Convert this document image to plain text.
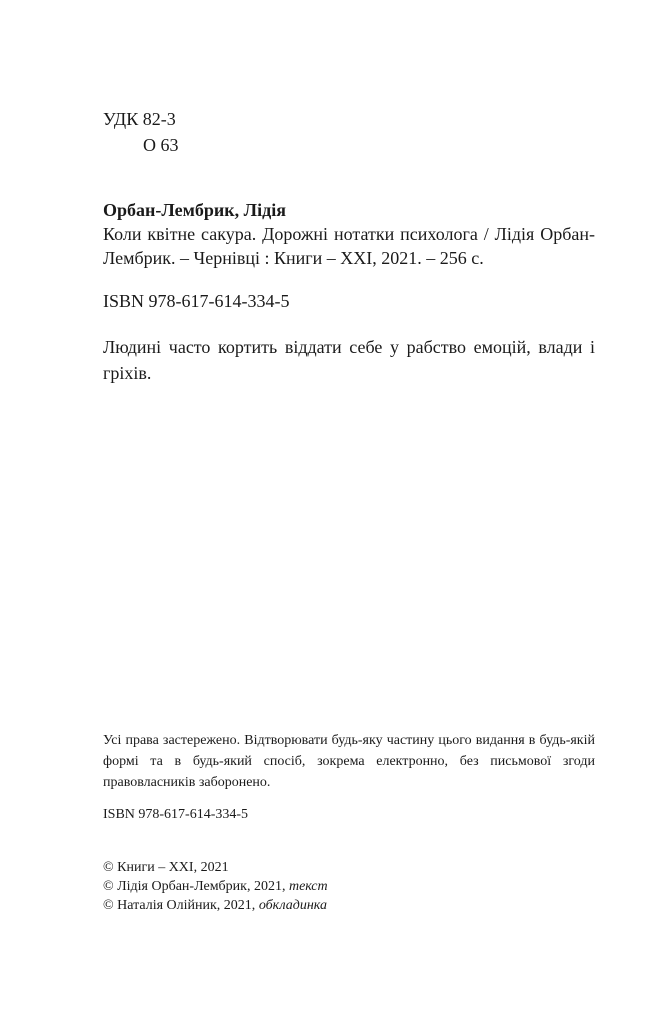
УДК 82-3
О 63
Орбан-Лембрик, Лідія
Коли квітне сакура. Дорожні нотатки психолога / Лідія Орбан-Лембрик. – Чернівці : Книги – ХХІ, 2021. – 256 с.
ISBN 978-617-614-334-5
Людині часто кортить віддати себе у рабство емоцій, влади і гріхів.
Усі права застережено. Відтворювати будь-яку частину цього видання в будь-якій формі та в будь-який спосіб, зокрема електронно, без письмової згоди правовласників заборонено.
ISBN 978-617-614-334-5
© Книги – ХХІ, 2021
© Лідія Орбан-Лембрик, 2021, текст
© Наталія Олійник, 2021, обкладинка
